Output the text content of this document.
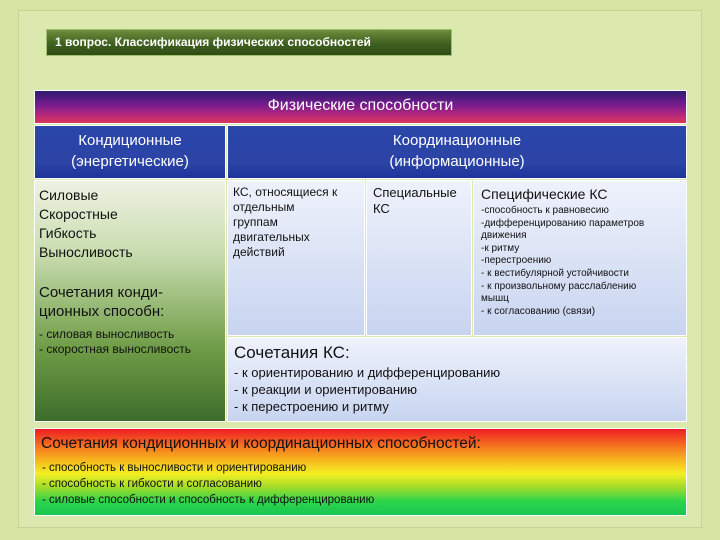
1 вопрос. Классификация физических способностей
Физические способности
Кондиционные
(энергетические)
Координационные
(информационные)
Силовые
Скоростные
Гибкость
Выносливость
Сочетания конди-
ционных способн:
- силовая выносливость
- скоростная выносливость
КС, относящиеся к
отдельным
группам
двигательных
действий
Специальные
КС
Специфические КС
-способность к равновесию
-дифференцированию параметров
движения
-к ритму
-перестроению
- к вестибулярной устойчивости
- к произвольному расслаблению
мышц
- к согласованию (связи)
Сочетания КС:
- к ориентированию и дифференцированию
- к реакции и ориентированию
- к перестроению и ритму
Сочетания кондиционных и координационных способностей:
- способность к выносливости и ориентированию
- способность к гибкости и согласованию
- силовые способности и способность к дифференцированию
